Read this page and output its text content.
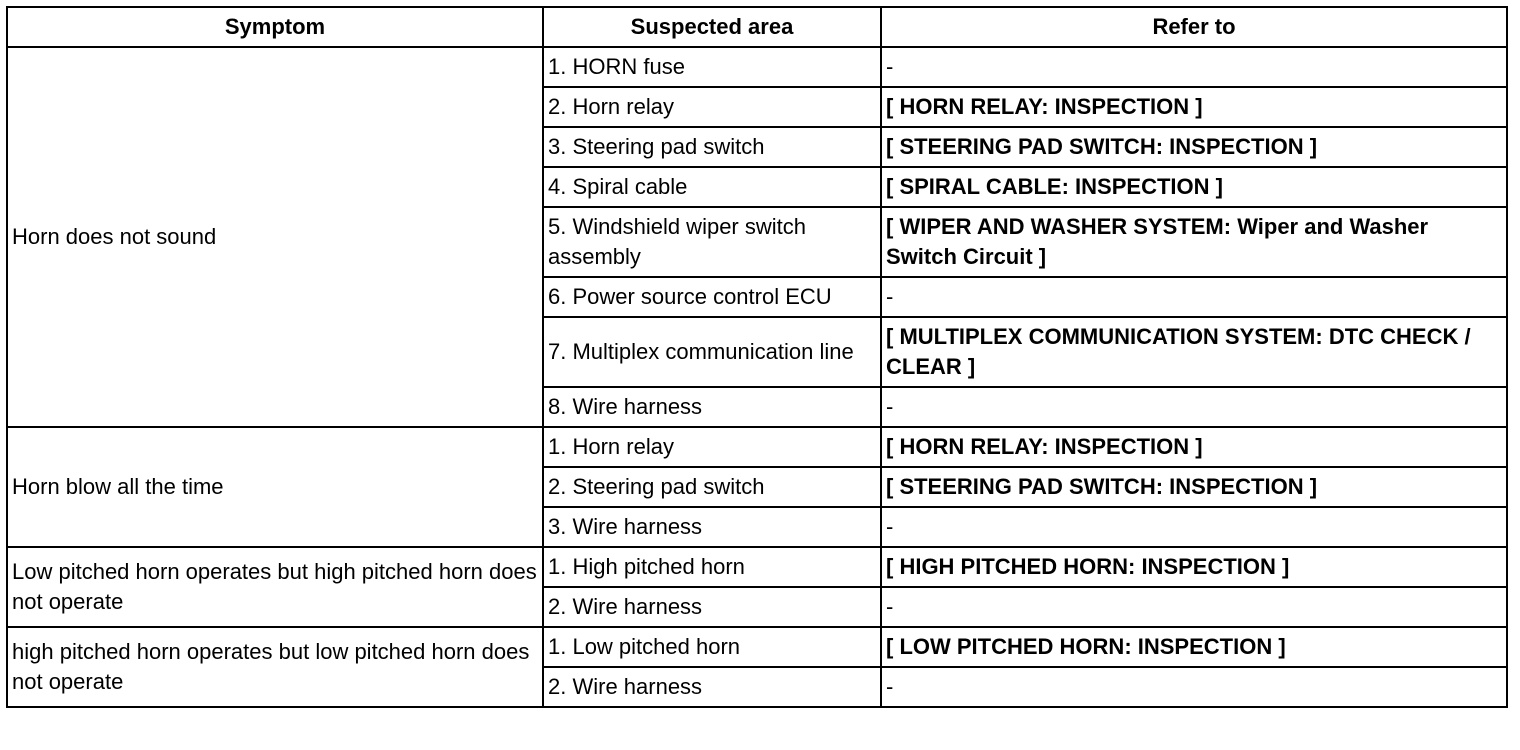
Symptom	Suspected area	Refer to
Horn does not sound	1. HORN fuse	-
	2. Horn relay	[ HORN RELAY: INSPECTION ]
	3. Steering pad switch	[ STEERING PAD SWITCH: INSPECTION ]
	4. Spiral cable	[ SPIRAL CABLE: INSPECTION ]
	5. Windshield wiper switch assembly	[ WIPER AND WASHER SYSTEM: Wiper and Washer Switch Circuit ]
	6. Power source control ECU	-
	7. Multiplex communication line	[ MULTIPLEX COMMUNICATION SYSTEM: DTC CHECK / CLEAR ]
	8. Wire harness	-
Horn blow all the time	1. Horn relay	[ HORN RELAY: INSPECTION ]
	2. Steering pad switch	[ STEERING PAD SWITCH: INSPECTION ]
	3. Wire harness	-
Low pitched horn operates but high pitched horn does not operate	1. High pitched horn	[ HIGH PITCHED HORN: INSPECTION ]
	2. Wire harness	-
high pitched horn operates but low pitched horn does not operate	1. Low pitched horn	[ LOW PITCHED HORN: INSPECTION ]
	2. Wire harness	-
